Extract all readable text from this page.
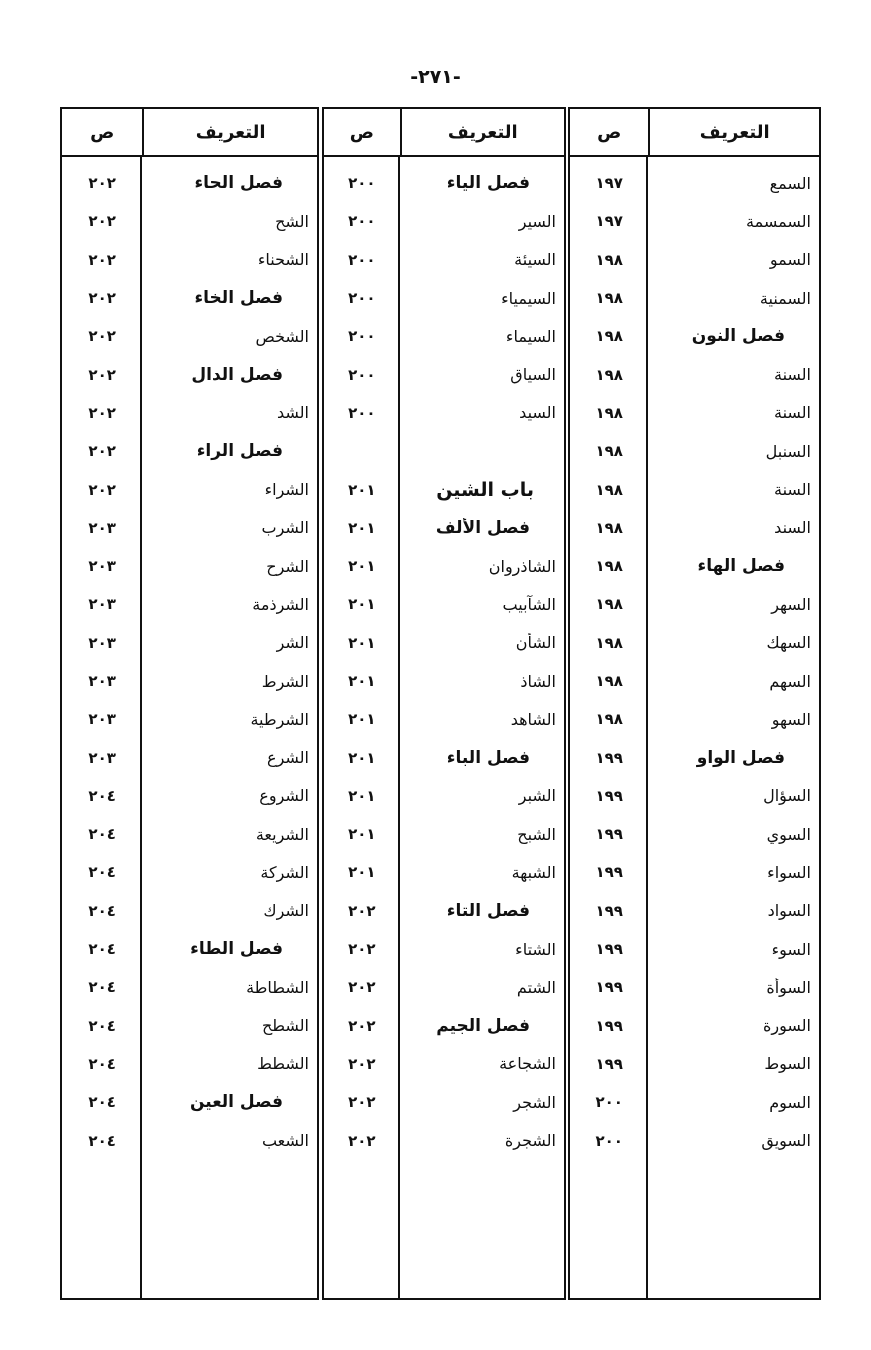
-٢٧١-
التعريف
ص
السمع
١٩٧
السمسمة
١٩٧
السمو
١٩٨
السمنية
١٩٨
فصل النون
١٩٨
السنة
١٩٨
السنة
١٩٨
السنبل
١٩٨
السنة
١٩٨
السند
١٩٨
فصل الهاء
١٩٨
السهر
١٩٨
السهك
١٩٨
السهم
١٩٨
السهو
١٩٨
فصل الواو
١٩٩
السؤال
١٩٩
السوي
١٩٩
السواء
١٩٩
السواد
١٩٩
السوء
١٩٩
السوأة
١٩٩
السورة
١٩٩
السوط
١٩٩
السوم
٢٠٠
السويق
٢٠٠
التعريف
ص
فصل الياء
٢٠٠
السير
٢٠٠
السيئة
٢٠٠
السيمياء
٢٠٠
السيماء
٢٠٠
السياق
٢٠٠
السيد
٢٠٠
باب الشين
٢٠١
فصل الألف
٢٠١
الشاذروان
٢٠١
الشآبيب
٢٠١
الشأن
٢٠١
الشاذ
٢٠١
الشاهد
٢٠١
فصل الباء
٢٠١
الشبر
٢٠١
الشبح
٢٠١
الشبهة
٢٠١
فصل التاء
٢٠٢
الشتاء
٢٠٢
الشتم
٢٠٢
فصل الجيم
٢٠٢
الشجاعة
٢٠٢
الشجر
٢٠٢
الشجرة
٢٠٢
التعريف
ص
فصل الحاء
٢٠٢
الشح
٢٠٢
الشحناء
٢٠٢
فصل الخاء
٢٠٢
الشخص
٢٠٢
فصل الدال
٢٠٢
الشد
٢٠٢
فصل الراء
٢٠٢
الشراء
٢٠٢
الشرب
٢٠٣
الشرح
٢٠٣
الشرذمة
٢٠٣
الشر
٢٠٣
الشرط
٢٠٣
الشرطية
٢٠٣
الشرع
٢٠٣
الشروع
٢٠٤
الشريعة
٢٠٤
الشركة
٢٠٤
الشرك
٢٠٤
فصل الطاء
٢٠٤
الشطاطة
٢٠٤
الشطح
٢٠٤
الشطط
٢٠٤
فصل العين
٢٠٤
الشعب
٢٠٤
